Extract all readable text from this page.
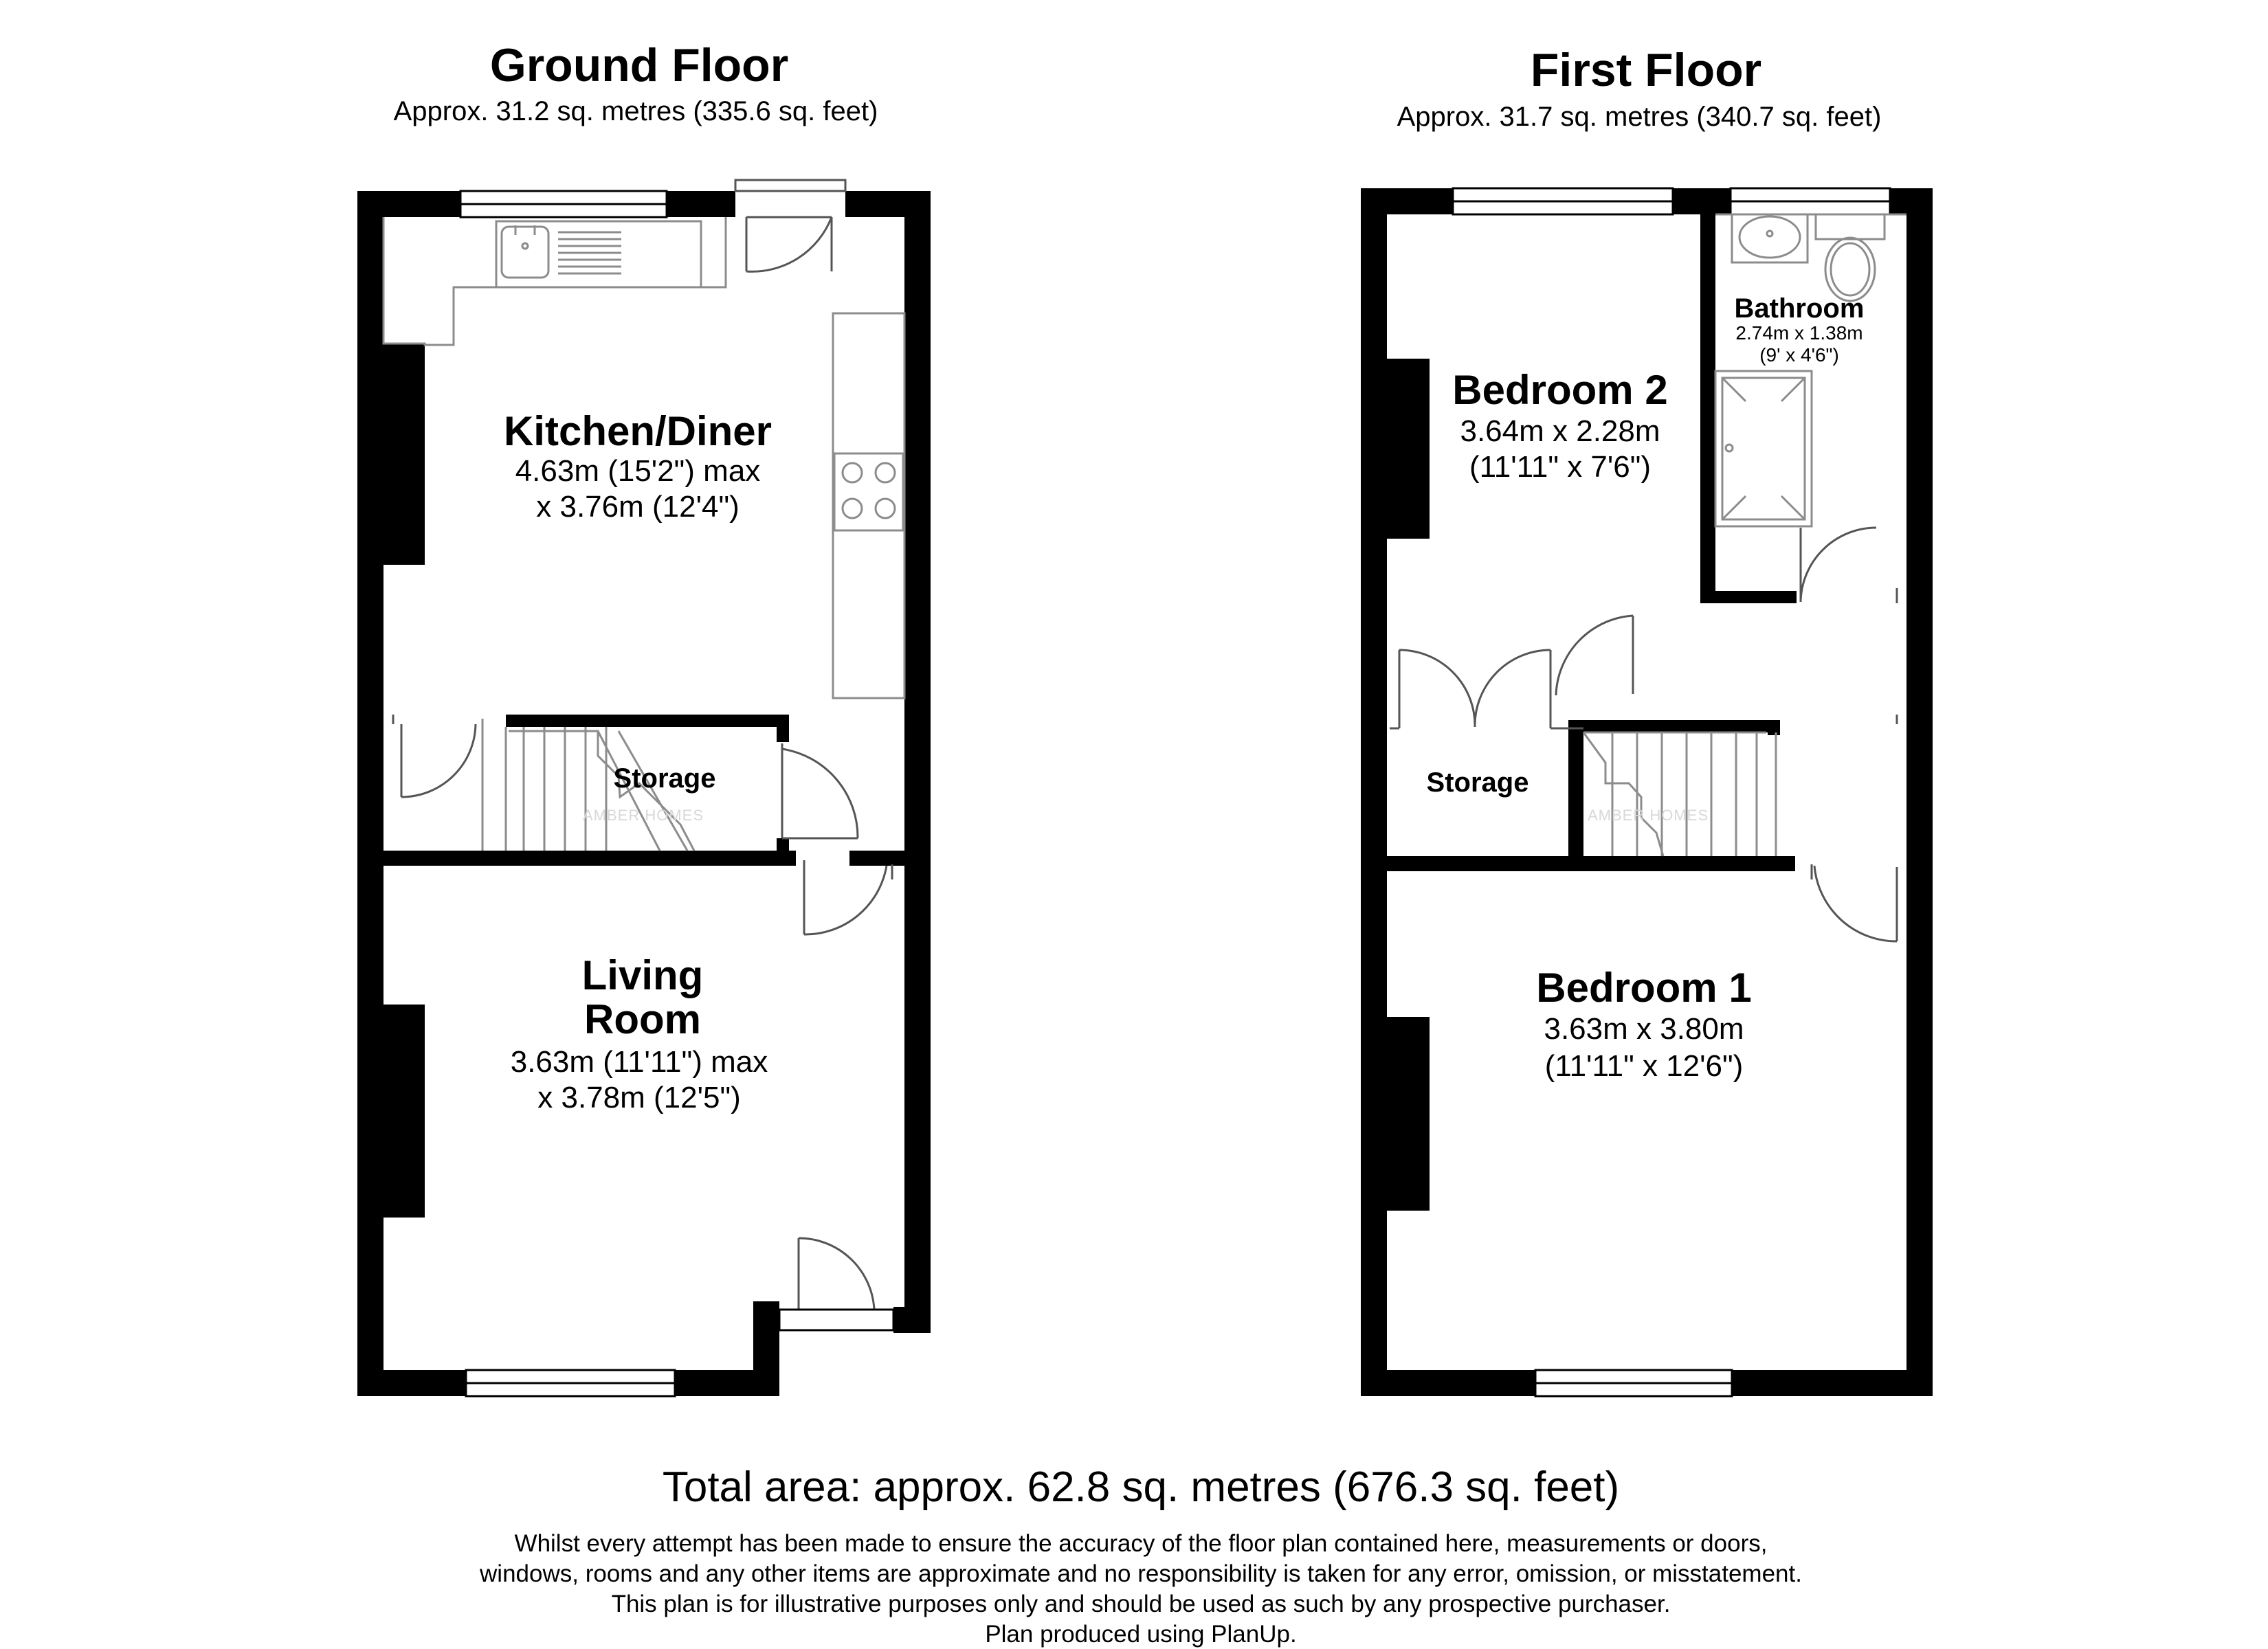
Ground Floor
Approx. 31.2 sq. metres (335.6 sq. feet)
First Floor
Approx. 31.7 sq. metres (340.7 sq. feet)
AMBER HOMES
Kitchen/Diner
4.63m (15'2") max
x 3.76m (12'4")
Storage
Living
Room
3.63m (11'11") max
x 3.78m (12'5")
AMBER HOMES
Bedroom 2
3.64m x 2.28m
(11'11" x 7'6")
Bathroom
2.74m x 1.38m
(9' x 4'6")
Storage
Bedroom 1
3.63m x 3.80m
(11'11" x 12'6")
Total area: approx. 62.8 sq. metres (676.3 sq. feet)
Whilst every attempt has been made to ensure the accuracy of the floor plan contained here, measurements or doors,
windows, rooms and any other items are approximate and no responsibility is taken for any error, omission, or misstatement.
This plan is for illustrative purposes only and should be used as such by any prospective purchaser.
Plan produced using PlanUp.
